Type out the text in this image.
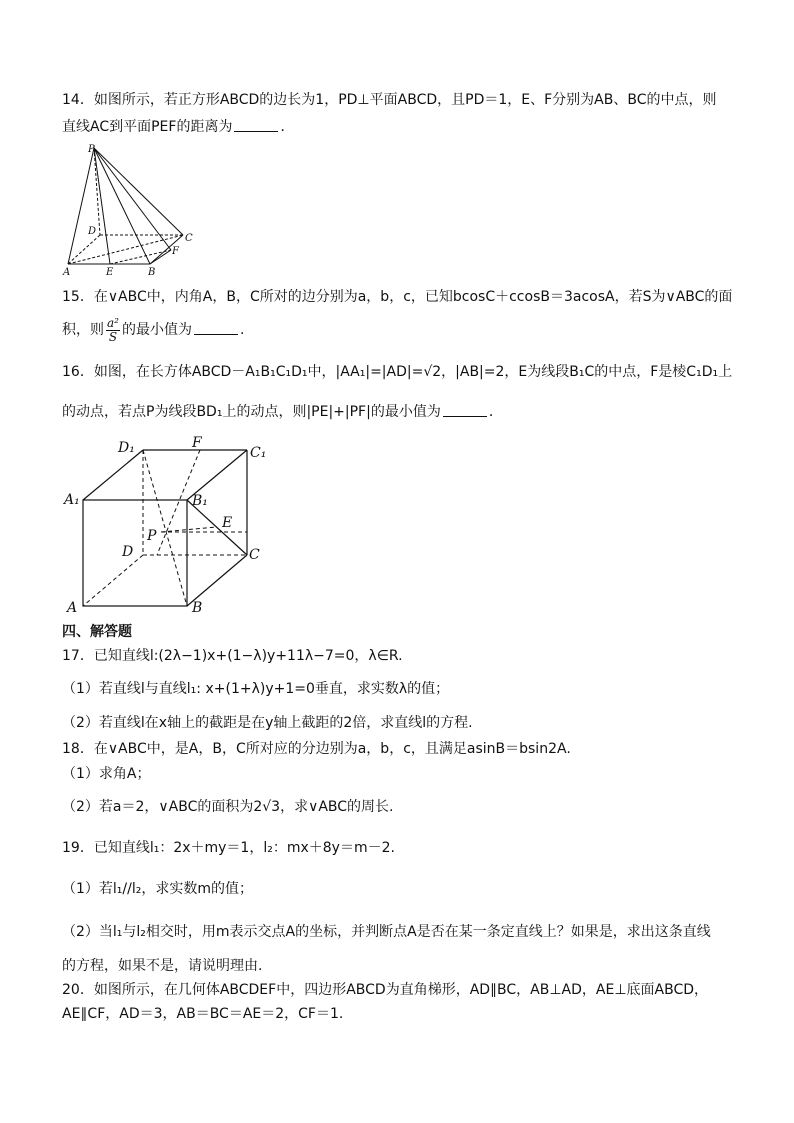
14．如图所示，若正方形ABCD的边长为1，PD⊥平面ABCD，且PD＝1，E、F分别为AB、BC的中点，则
直线AC到平面PEF的距离为	．
P
D
C
F
A	E	B
15．在∨ABC中，内角A，B，C所对的边分别为a，b，c，已知bcosC＋ccosB＝3acosA，若S为∨ABC的面
积，则 $\frac{\text{a²}}{S}$ 的最小值为	.
16．如图，在长方体ABCD－A₁B₁C₁D₁中，|AA₁|=|AD|=√2，|AB|=2，E为线段B₁C的中点，F是棱C₁D₁上
的动点，若点P为线段BD₁上的动点，则|PE|+|PF|的最小值为	．
D₁	F
C₁
A₁	B₁
E
P
D	C
A	B
四、解答题
17．已知直线l:(2λ−1)x+(1−λ)y+11λ−7=0，λ∈R.
（1）若直线l与直线l₁: x+(1+λ)y+1=0垂直，求实数λ的值；
（2）若直线l在x轴上的截距是在y轴上截距的2倍，求直线l的方程.
18．在∨ABC中，是A，B，C所对应的分边别为a，b，c，且满足asinB＝bsin2A.
（1）求角A；
（2）若a＝2，∨ABC的面积为2√3，求∨ABC的周长.
19．已知直线l₁：2x＋my＝1，l₂：mx＋8y＝m－2.
（1）若l₁//l₂，求实数m的值；
（2）当l₁与l₂相交时，用m表示交点A的坐标，并判断点A是否在某一条定直线上？如果是，求出这条直线
的方程，如果不是，请说明理由.
20．如图所示，在几何体ABCDEF中，四边形ABCD为直角梯形，AD∥BC，AB⊥AD，AE⊥底面ABCD，
AE∥CF，AD＝3，AB＝BC＝AE＝2，CF＝1.
